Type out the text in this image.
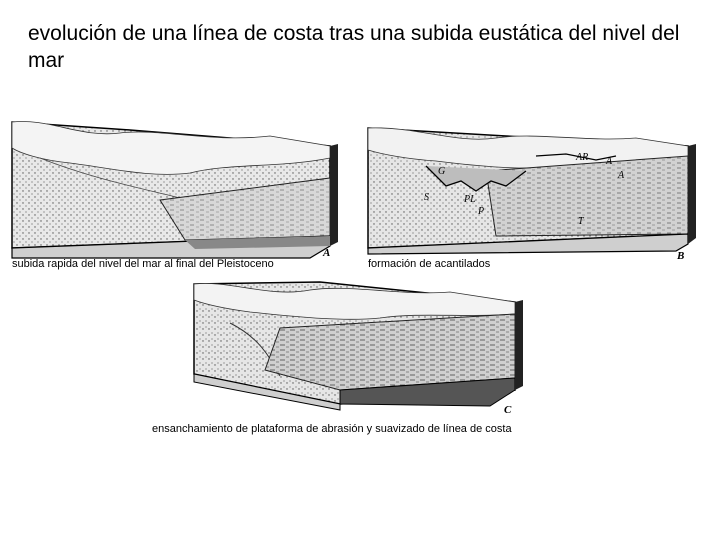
evolución de una línea de costa tras una subida eustática del nivel del mar
A
subida rapida del nivel del mar al final del Pleistoceno
AR A
A
G
S	PL
P
T
B
formación de acantilados
C
ensanchamiento de plataforma de abrasión y suavizado de línea de costa
